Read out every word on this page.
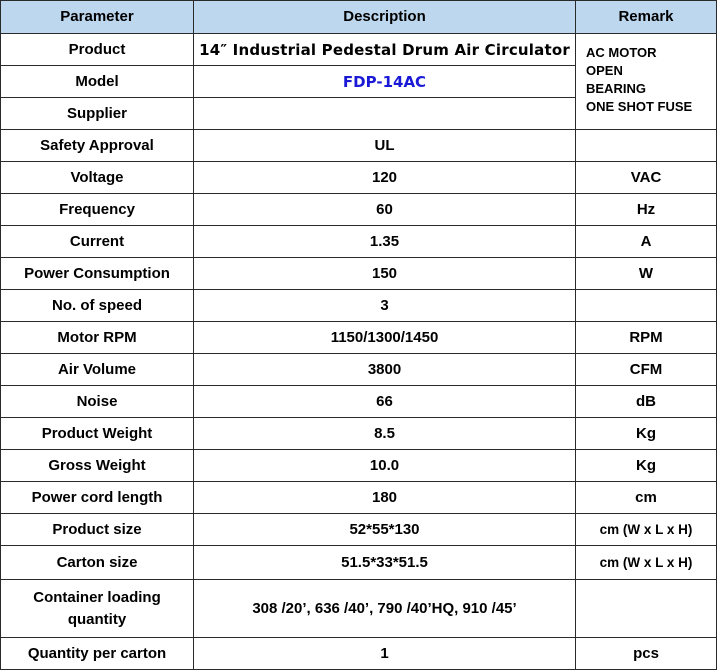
Parameter	Description	Remark
Product	14″ Industrial Pedestal Drum Air Circulator	AC MOTOR
OPEN
BEARING
ONE SHOT FUSE

Model	FDP-14AC	
Supplier		
Safety Approval	UL	
Voltage	120	VAC
Frequency	60	Hz
Current	1.35	A
Power Consumption	150	W
No. of speed	3	
Motor RPM	1150/1300/1450	RPM
Air Volume	3800	CFM
Noise	66	dB
Product Weight	8.5	Kg
Gross Weight	10.0	Kg
Power cord length	180	cm
Product size	52*55*130	cm (W x L x H)
Carton size	51.5*33*51.5	cm (W x L x H)

Container loading
quantity	308 /20’, 636 /40’, 790 /40’HQ, 910 /45’	
Quantity per carton	1	pcs
